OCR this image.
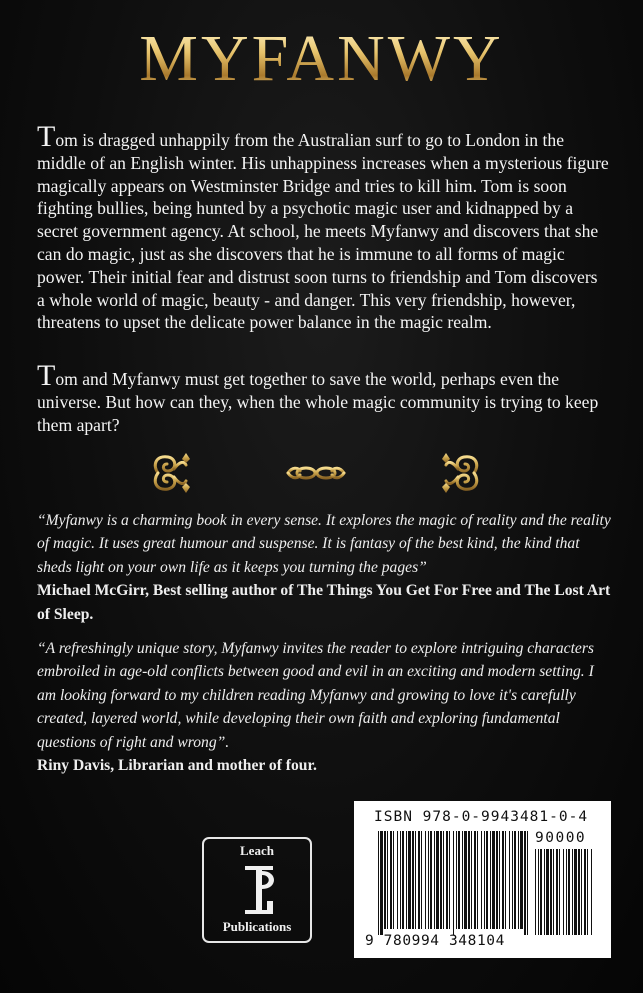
MYFANWY
Tom is dragged unhappily from the Australian surf to go to London in the middle of an English winter. His unhappiness increases when a mysterious figure magically appears on Westminster Bridge and tries to kill him. Tom is soon fighting bullies, being hunted by a psychotic magic user and kidnapped by a secret government agency. At school, he meets Myfanwy and discovers that she can do magic, just as she discovers that he is immune to all forms of magic power. Their initial fear and distrust soon turns to friendship and Tom discovers a whole world of magic, beauty - and danger. This very friendship, however, threatens to upset the delicate power balance in the magic realm.
Tom and Myfanwy must get together to save the world, perhaps even the universe. But how can they, when the whole magic community is trying to keep them apart?
“Myfanwy is a charming book in every sense. It explores the magic of reality and the reality of magic. It uses great humour and suspense. It is fantasy of the best kind, the kind that sheds light on your own life as it keeps you turning the pages”
Michael McGirr, Best selling author of The Things You Get For Free and The Lost Art of Sleep.
“A refreshingly unique story, Myfanwy invites the reader to explore intriguing characters embroiled in age-old conflicts between good and evil in an exciting and modern setting. I am looking forward to my children reading Myfanwy and growing to love it's carefully created, layered world, while developing their own faith and exploring fundamental questions of right and wrong”.
Riny Davis, Librarian and mother of four.
Leach
Publications
ISBN 978-0-9943481-0-4
90000
9 780994 348104
